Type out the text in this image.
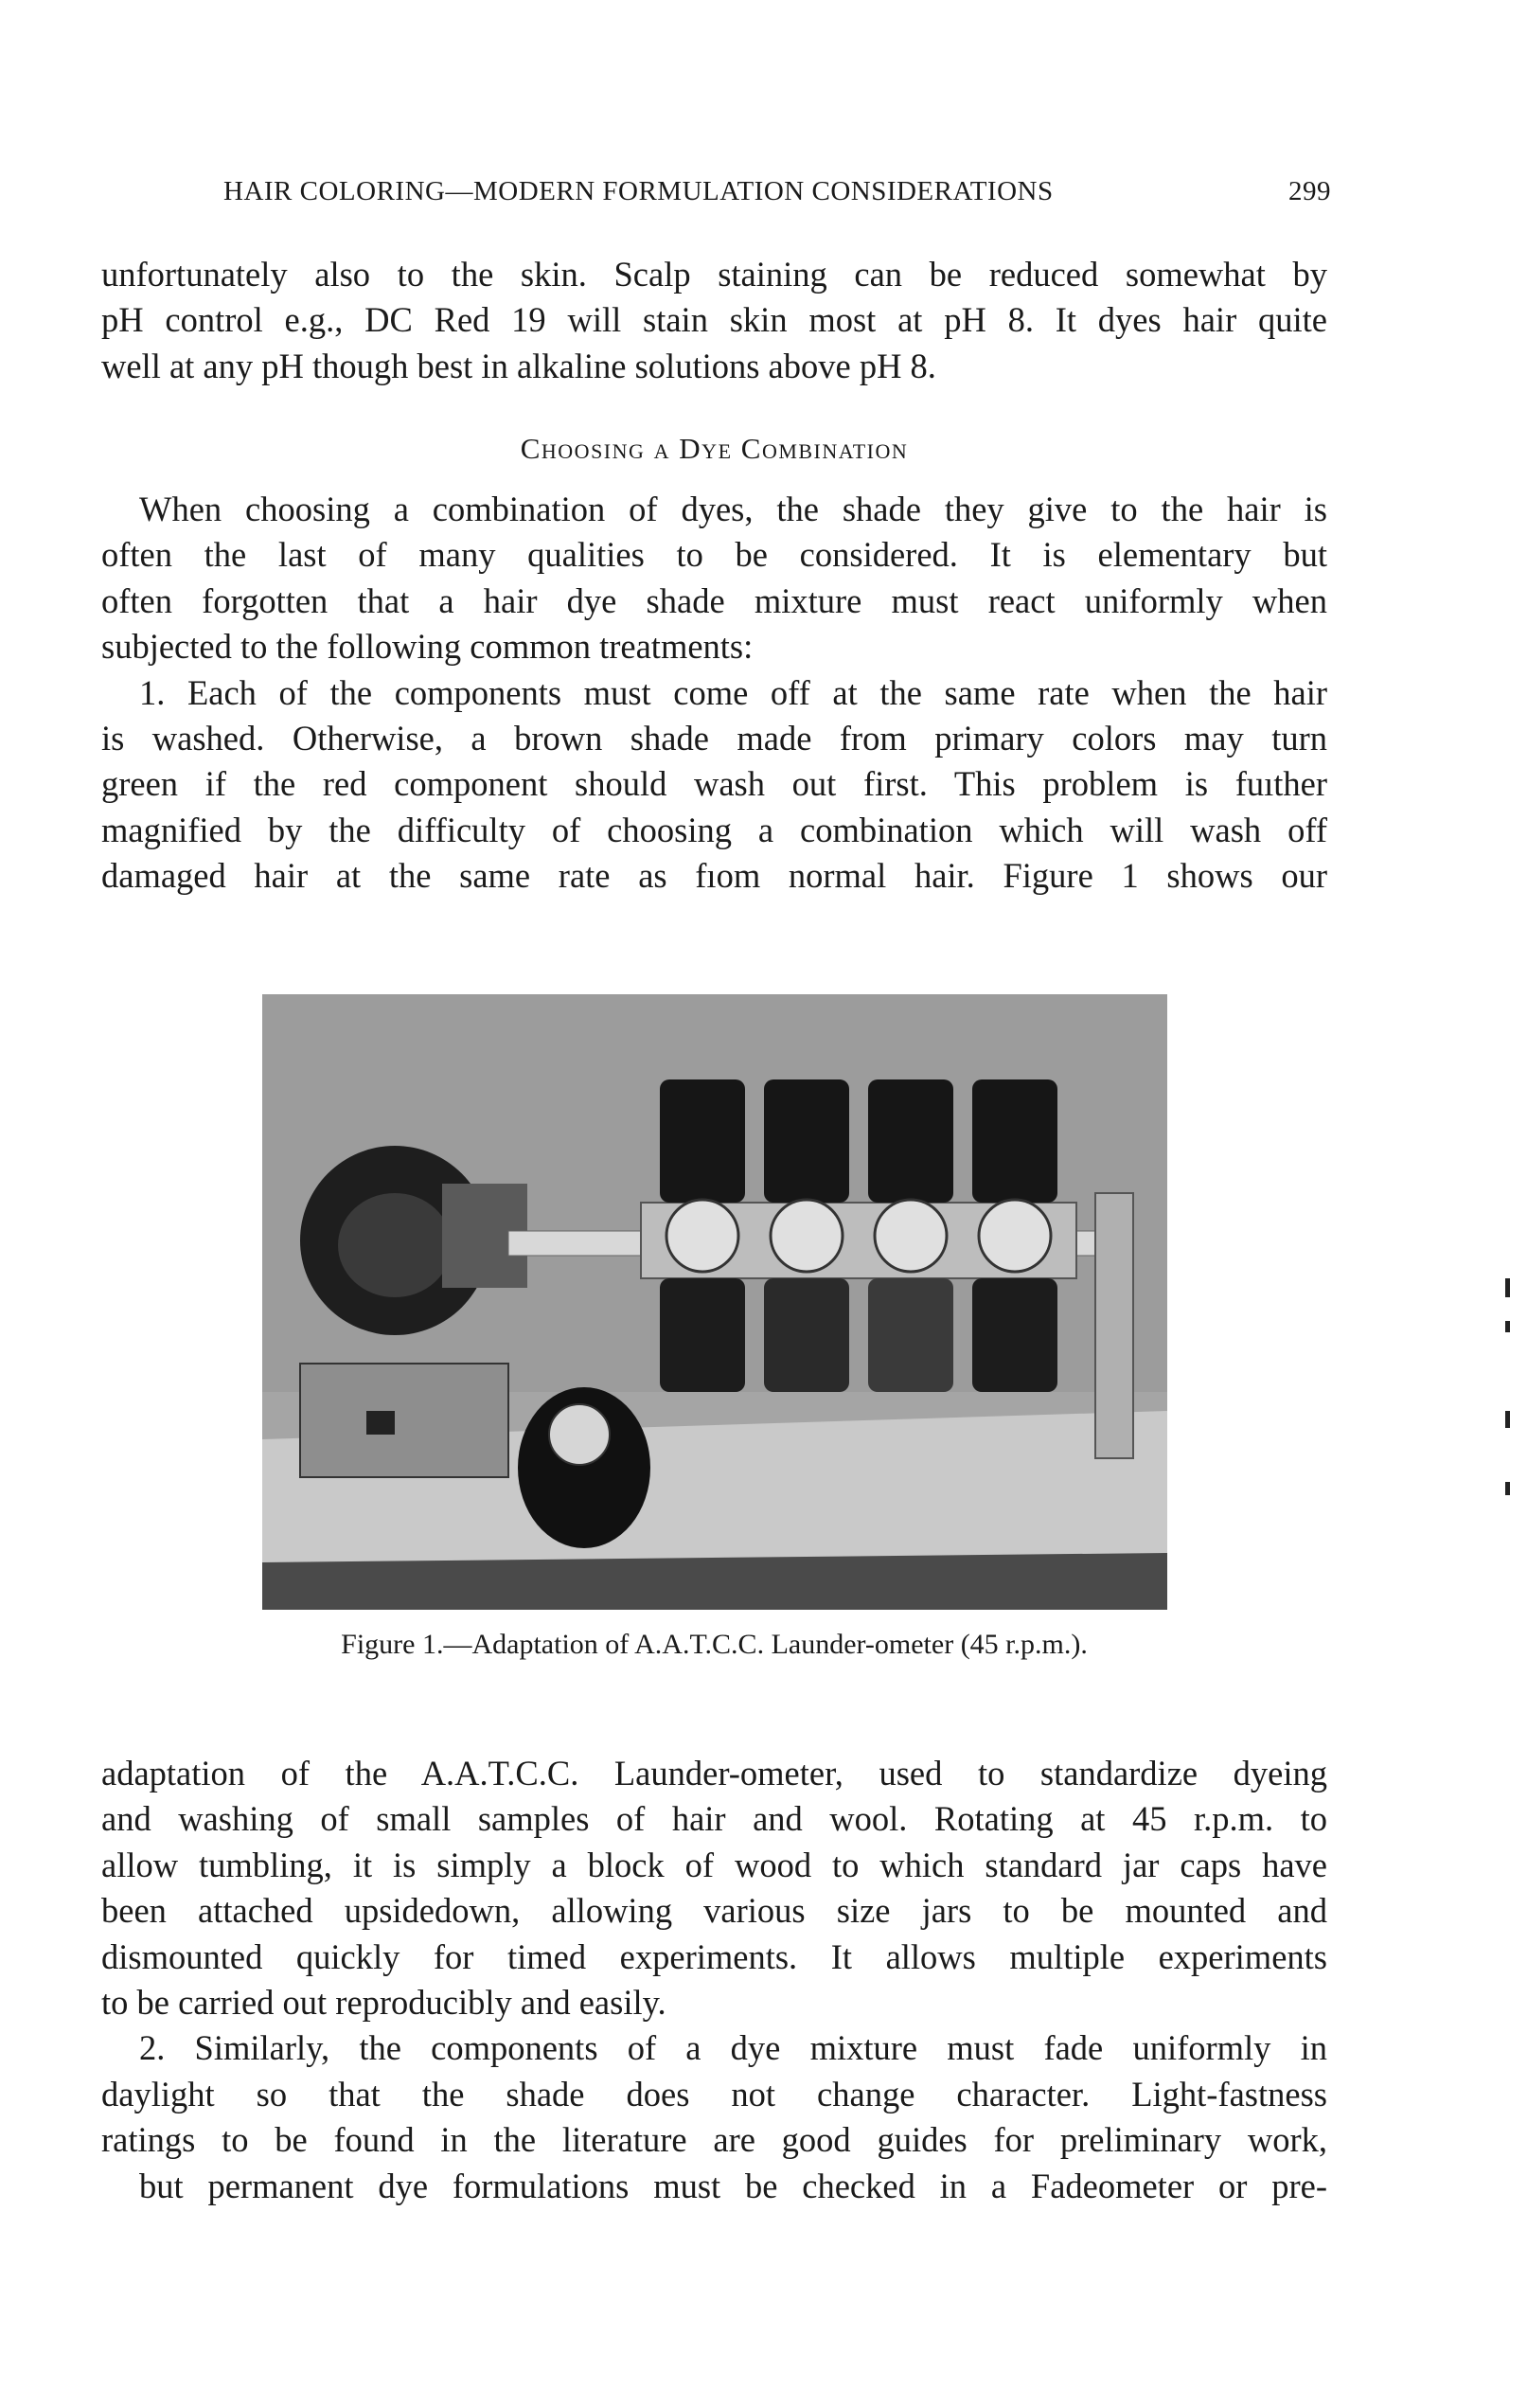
HAIR COLORING—MODERN FORMULATION CONSIDERATIONS	299
unfortunately also to the skin. Scalp staining can be reduced somewhat by
pH control e.g., DC Red 19 will stain skin most at pH 8. It dyes hair quite
well at any pH though best in alkaline solutions above pH 8.
Choosing a Dye Combination
When choosing a combination of dyes, the shade they give to the hair is
often the last of many qualities to be considered. It is elementary but
often forgotten that a hair dye shade mixture must react uniformly when
subjected to the following common treatments:
1. Each of the components must come off at the same rate when the hair
is washed. Otherwise, a brown shade made from primary colors may turn
green if the red component should wash out first. This problem is fuıther
magnified by the difficulty of choosing a combination which will wash off
damaged hair at the same rate as fıom normal hair. Figure 1 shows our
Figure 1.—Adaptation of A.A.T.C.C. Launder-ometer (45 r.p.m.).
adaptation of the A.A.T.C.C. Launder-ometer, used to standardize dyeing
and washing of small samples of hair and wool. Rotating at 45 r.p.m. to
allow tumbling, it is simply a block of wood to which standard jar caps have
been attached upsidedown, allowing various size jars to be mounted and
dismounted quickly for timed experiments. It allows multiple experiments
to be carried out reproducibly and easily.
2. Similarly, the components of a dye mixture must fade uniformly in
daylight so that the shade does not change character. Light-fastness
ratings to be found in the literature are good guides for preliminary work,
but permanent dye formulations must be checked in a Fadeometer or pre-
